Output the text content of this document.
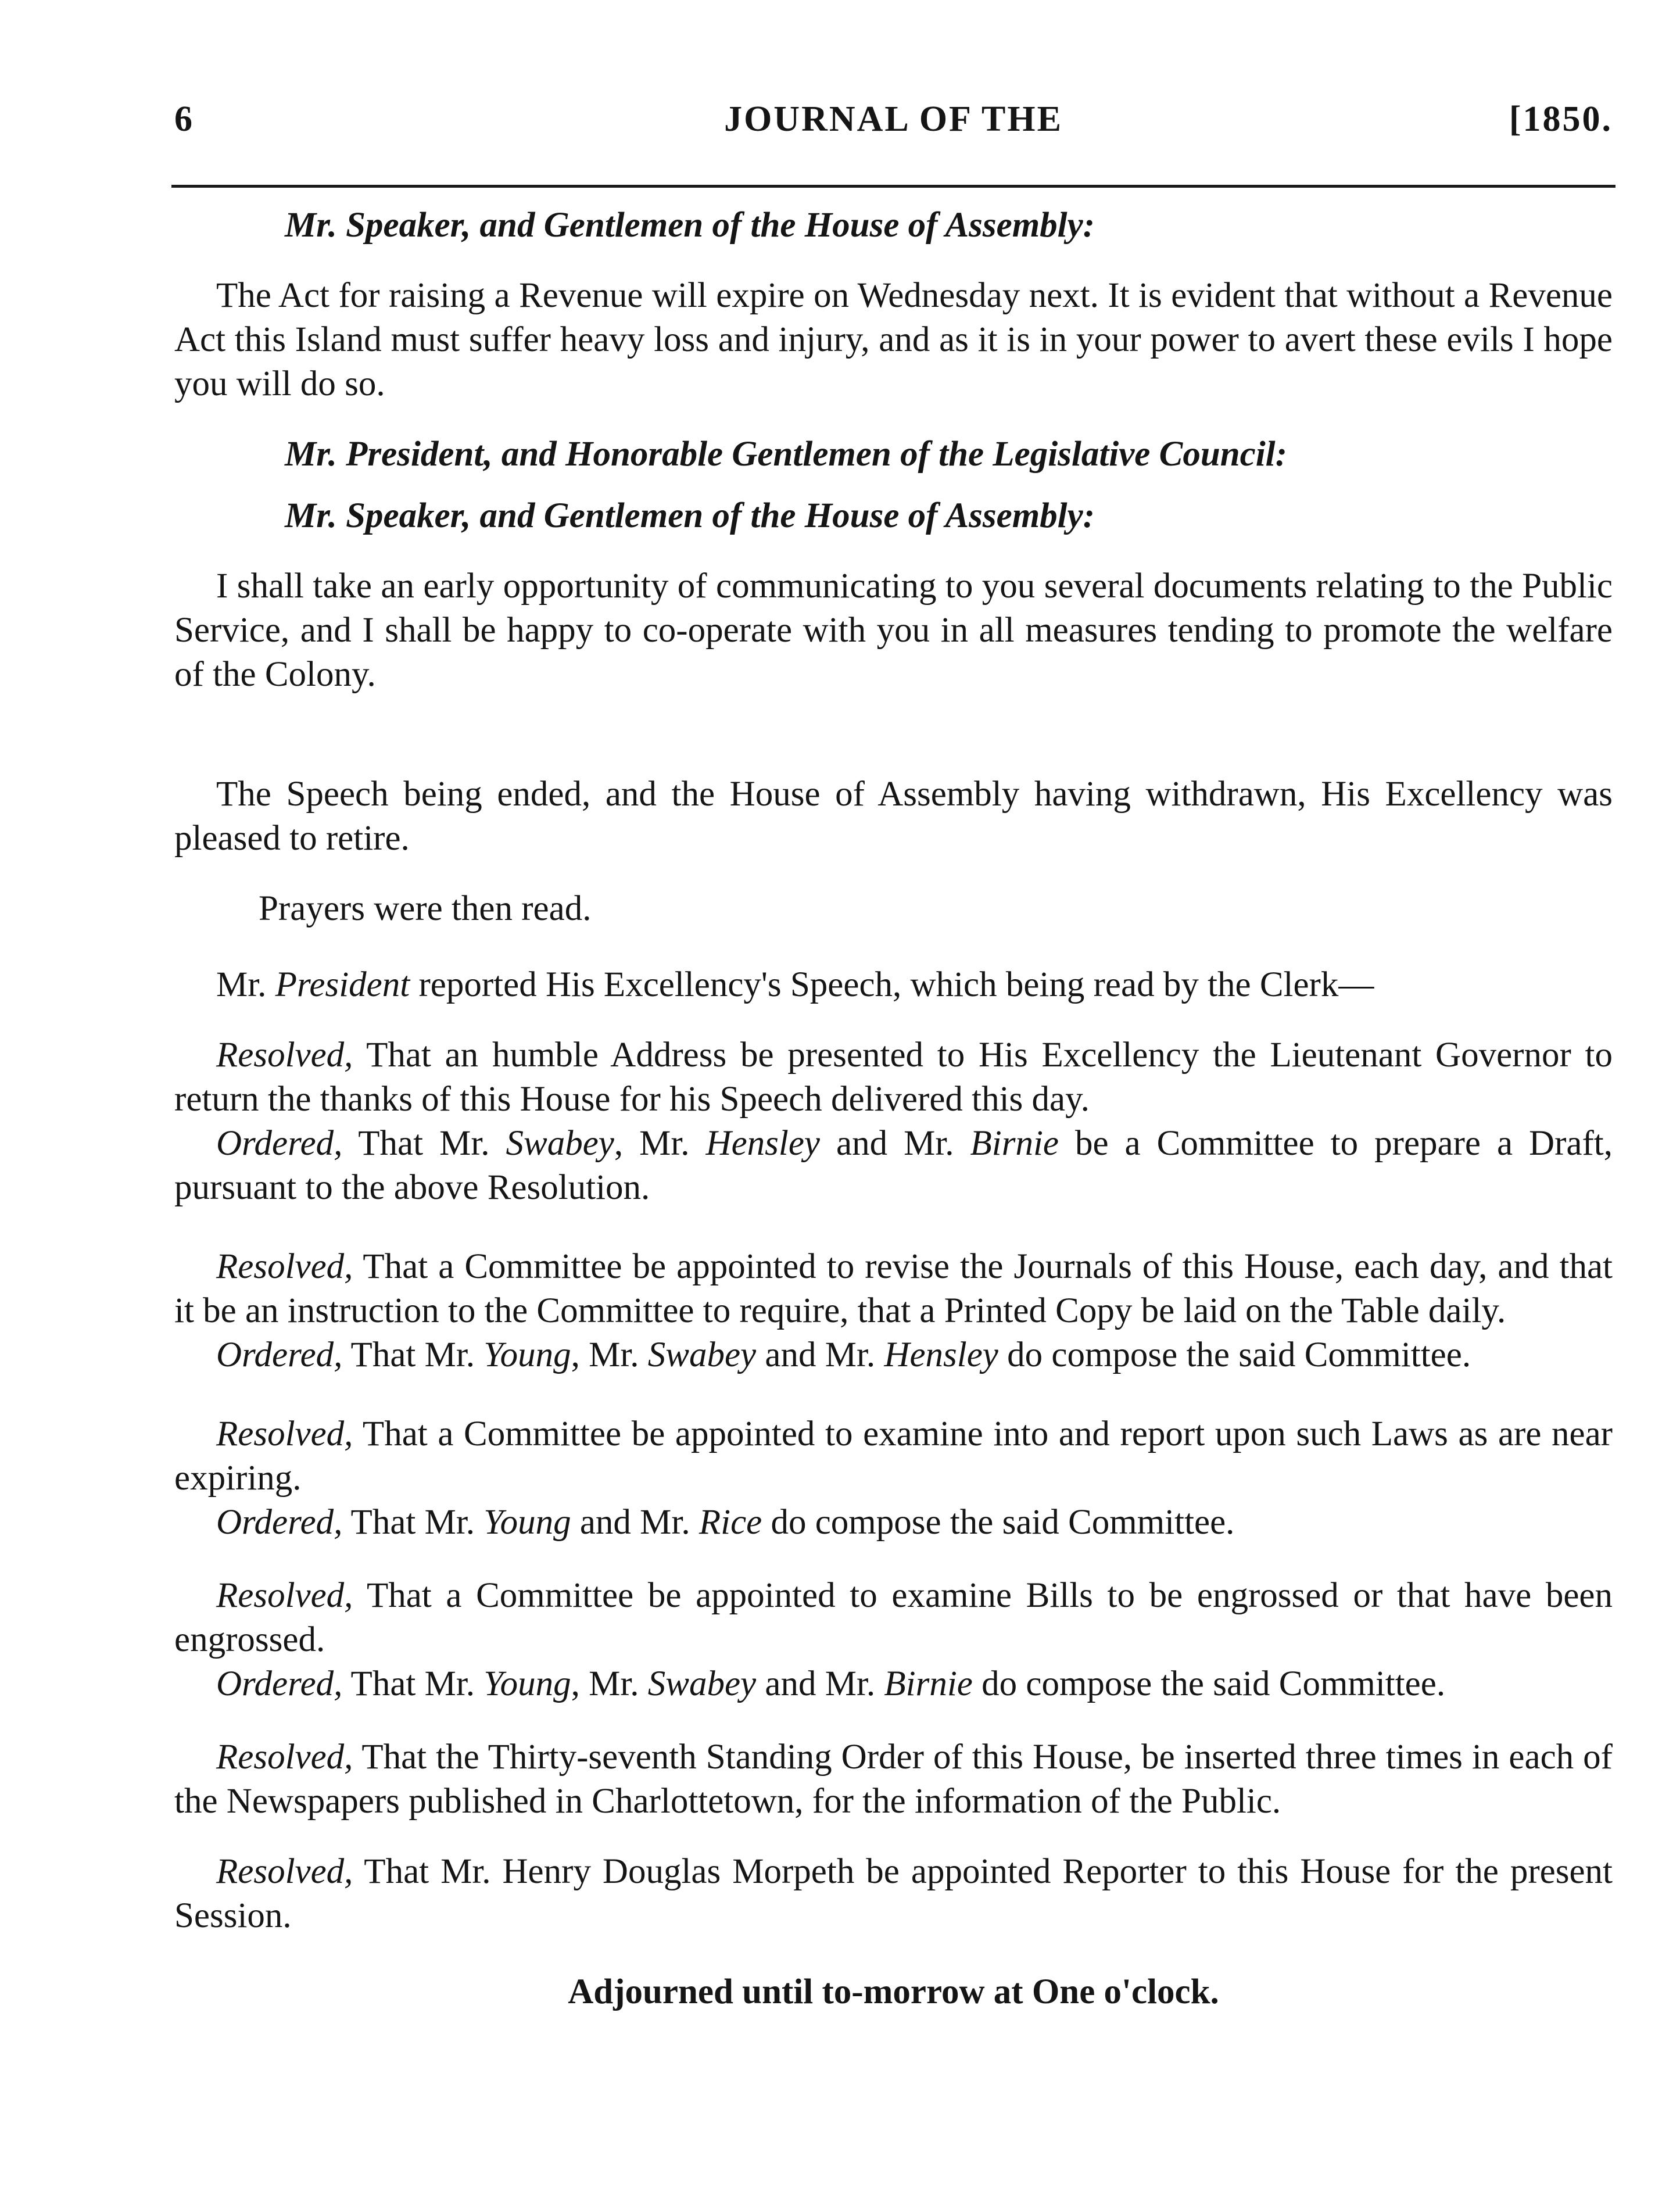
6	JOURNAL OF THE	[1850.

Mr. Speaker, and Gentlemen of the House of Assembly:

The Act for raising a Revenue will expire on Wednesday next. It is evident that without a Revenue Act this Island must suffer heavy loss and injury, and as it is in your power to avert these evils I hope you will do so.

Mr. President, and Honorable Gentlemen of the Legislative Council:

Mr. Speaker, and Gentlemen of the House of Assembly:

I shall take an early opportunity of communicating to you several documents relating to the Public Service, and I shall be happy to co-operate with you in all measures tending to promote the welfare of the Colony.

The Speech being ended, and the House of Assembly having withdrawn, His Excellency was pleased to retire.

Prayers were then read.

Mr. President reported His Excellency's Speech, which being read by the Clerk—

Resolved, That an humble Address be presented to His Excellency the Lieutenant Governor to return the thanks of this House for his Speech delivered this day.

Ordered, That Mr. Swabey, Mr. Hensley and Mr. Birnie be a Committee to prepare a Draft, pursuant to the above Resolution.

Resolved, That a Committee be appointed to revise the Journals of this House, each day, and that it be an instruction to the Committee to require, that a Printed Copy be laid on the Table daily.

Ordered, That Mr. Young, Mr. Swabey and Mr. Hensley do compose the said Committee.

Resolved, That a Committee be appointed to examine into and report upon such Laws as are near expiring.

Ordered, That Mr. Young and Mr. Rice do compose the said Committee.

Resolved, That a Committee be appointed to examine Bills to be engrossed or that have been engrossed.

Ordered, That Mr. Young, Mr. Swabey and Mr. Birnie do compose the said Committee.

Resolved, That the Thirty-seventh Standing Order of this House, be inserted three times in each of the Newspapers published in Charlottetown, for the information of the Public.

Resolved, That Mr. Henry Douglas Morpeth be appointed Reporter to this House for the present Session.

Adjourned until to-morrow at One o'clock.
